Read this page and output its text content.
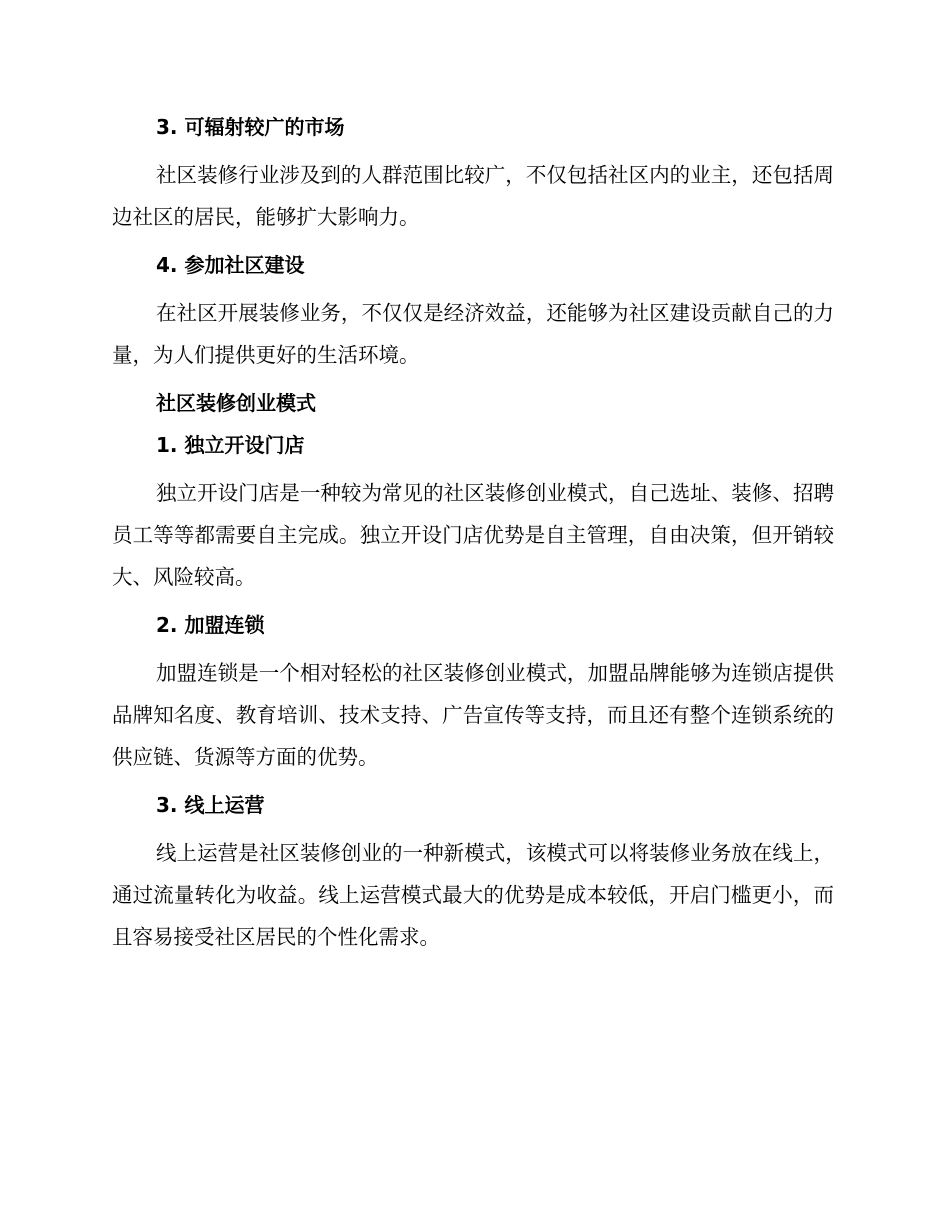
3. 可辐射较广的市场

社区装修行业涉及到的人群范围比较广，不仅包括社区内的业主，还包括周边社区的居民，能够扩大影响力。

4. 参加社区建设

在社区开展装修业务，不仅仅是经济效益，还能够为社区建设贡献自己的力量，为人们提供更好的生活环境。

社区装修创业模式
1. 独立开设门店

独立开设门店是一种较为常见的社区装修创业模式，自己选址、装修、招聘员工等等都需要自主完成。独立开设门店优势是自主管理，自由决策，但开销较大、风险较高。

2. 加盟连锁

加盟连锁是一个相对轻松的社区装修创业模式，加盟品牌能够为连锁店提供品牌知名度、教育培训、技术支持、广告宣传等支持，而且还有整个连锁系统的供应链、货源等方面的优势。

3. 线上运营

线上运营是社区装修创业的一种新模式，该模式可以将装修业务放在线上，通过流量转化为收益。线上运营模式最大的优势是成本较低，开启门槛更小，而且容易接受社区居民的个性化需求。
